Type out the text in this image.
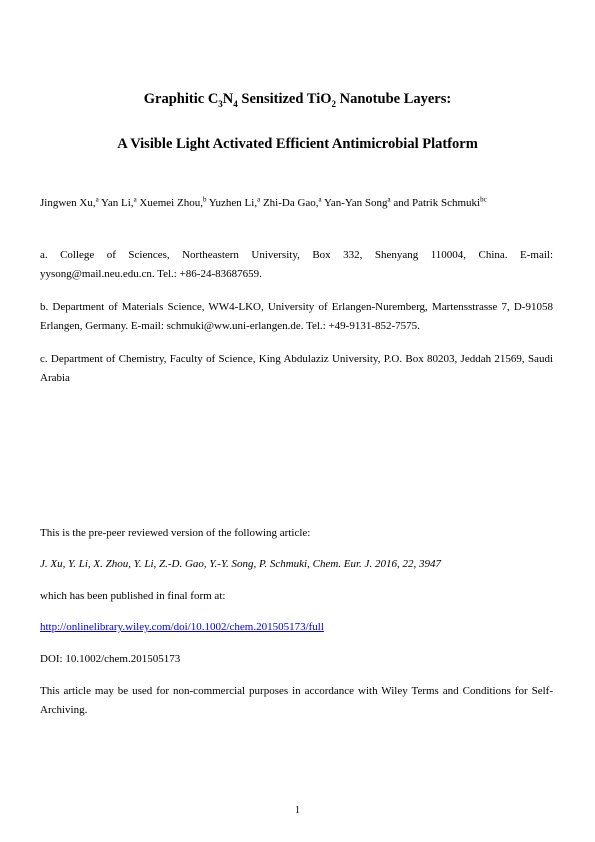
Graphitic $C_3N_4$ Sensitized TiO$_2$ Nanotube Layers:
A Visible Light Activated Efficient Antimicrobial Platform
Jingwen Xu,$^a$ Yan Li,$^a$ Xuemei Zhou,$^b$ Yuzhen Li,$^a$ Zhi-Da Gao,$^a$ Yan-Yan Song$^a$ and Patrik Schmuki$^{bc}$

a. College of Sciences, Northeastern University, Box 332, Shenyang 110004, China. E-mail: yysong@mail.neu.edu.cn. Tel.: +86-24-83687659.

b. Department of Materials Science, WW4-LKO, University of Erlangen-Nuremberg, Martensstrasse 7, D-91058 Erlangen, Germany. E-mail: schmuki@ww.uni-erlangen.de. Tel.: +49-9131-852-7575.

c. Department of Chemistry, Faculty of Science, King Abdulaziz University, P.O. Box 80203, Jeddah 21569, Saudi Arabia

This is the pre-peer reviewed version of the following article:

J. Xu, Y. Li, X. Zhou, Y. Li, Z.-D. Gao, Y.-Y. Song, P. Schmuki, Chem. Eur. J. 2016, 22, 3947

which has been published in final form at:

http://onlinelibrary.wiley.com/doi/10.1002/chem.201505173/full

DOI: 10.1002/chem.201505173

This article may be used for non-commercial purposes in accordance with Wiley Terms and Conditions for Self-Archiving.

1
